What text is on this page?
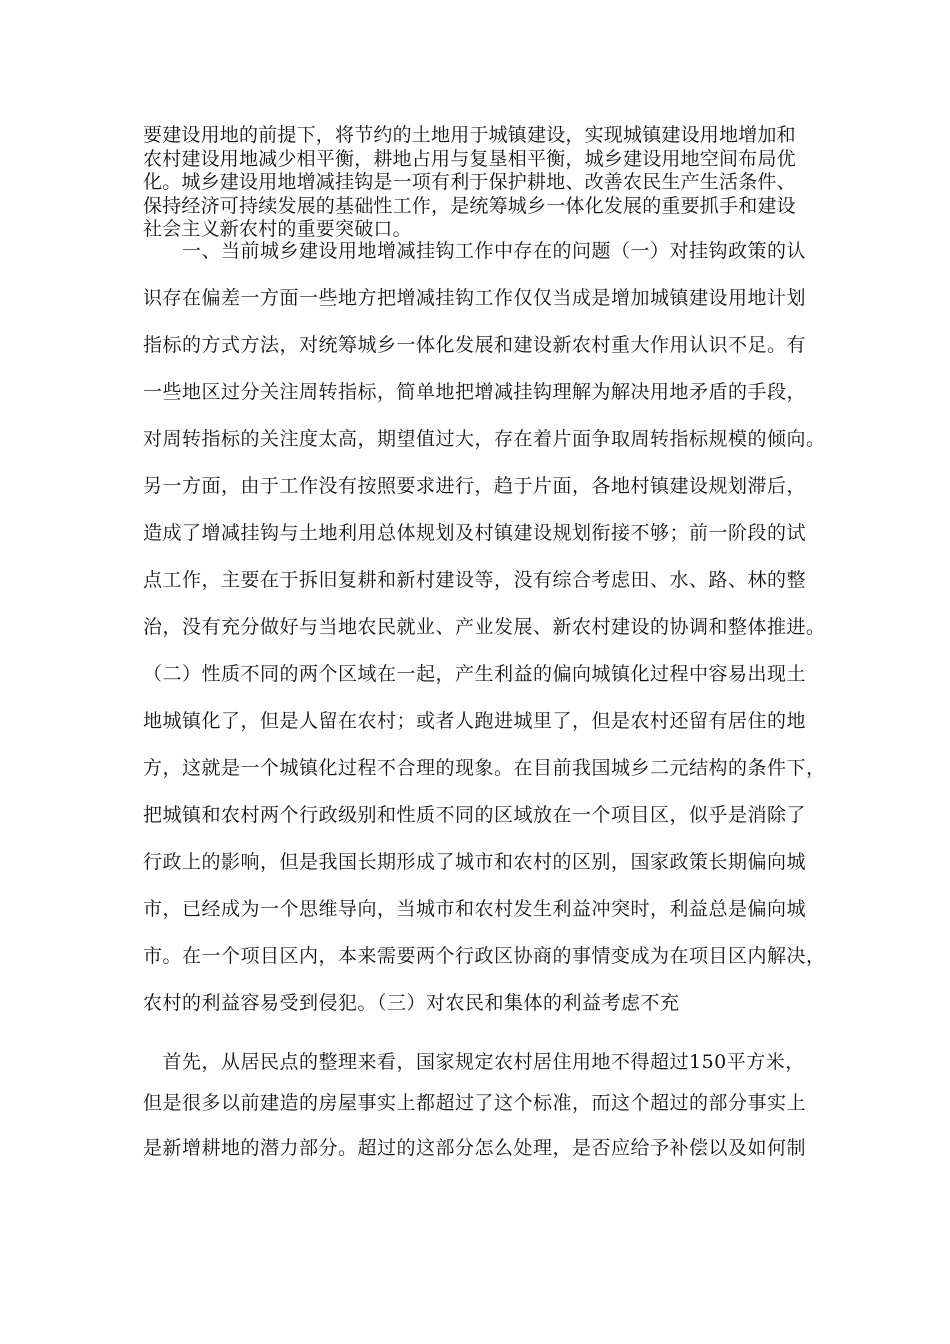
要建设用地的前提下，将节约的土地用于城镇建设，实现城镇建设用地增加和
农村建设用地减少相平衡，耕地占用与复垦相平衡，城乡建设用地空间布局优
化。城乡建设用地增减挂钩是一项有利于保护耕地、改善农民生产生活条件、
保持经济可持续发展的基础性工作，是统筹城乡一体化发展的重要抓手和建设
社会主义新农村的重要突破口。
　　一、当前城乡建设用地增减挂钩工作中存在的问题（一）对挂钩政策的认
识存在偏差一方面一些地方把增减挂钩工作仅仅当成是增加城镇建设用地计划
指标的方式方法，对统筹城乡一体化发展和建设新农村重大作用认识不足。有
一些地区过分关注周转指标，简单地把增减挂钩理解为解决用地矛盾的手段，
对周转指标的关注度太高，期望值过大，存在着片面争取周转指标规模的倾向。
另一方面，由于工作没有按照要求进行，趋于片面，各地村镇建设规划滞后，
造成了增减挂钩与土地利用总体规划及村镇建设规划衔接不够；前一阶段的试
点工作，主要在于拆旧复耕和新村建设等，没有综合考虑田、水、路、林的整
治，没有充分做好与当地农民就业、产业发展、新农村建设的协调和整体推进。
（二）性质不同的两个区域在一起，产生利益的偏向城镇化过程中容易出现土
地城镇化了，但是人留在农村；或者人跑进城里了，但是农村还留有居住的地
方，这就是一个城镇化过程不合理的现象。在目前我国城乡二元结构的条件下，
把城镇和农村两个行政级别和性质不同的区域放在一个项目区，似乎是消除了
行政上的影响，但是我国长期形成了城市和农村的区别，国家政策长期偏向城
市，已经成为一个思维导向，当城市和农村发生利益冲突时，利益总是偏向城
市。在一个项目区内，本来需要两个行政区协商的事情变成为在项目区内解决，
农村的利益容易受到侵犯。（三）对农民和集体的利益考虑不充
　首先，从居民点的整理来看，国家规定农村居住用地不得超过150平方米，
但是很多以前建造的房屋事实上都超过了这个标准，而这个超过的部分事实上
是新增耕地的潜力部分。超过的这部分怎么处理，是否应给予补偿以及如何制
